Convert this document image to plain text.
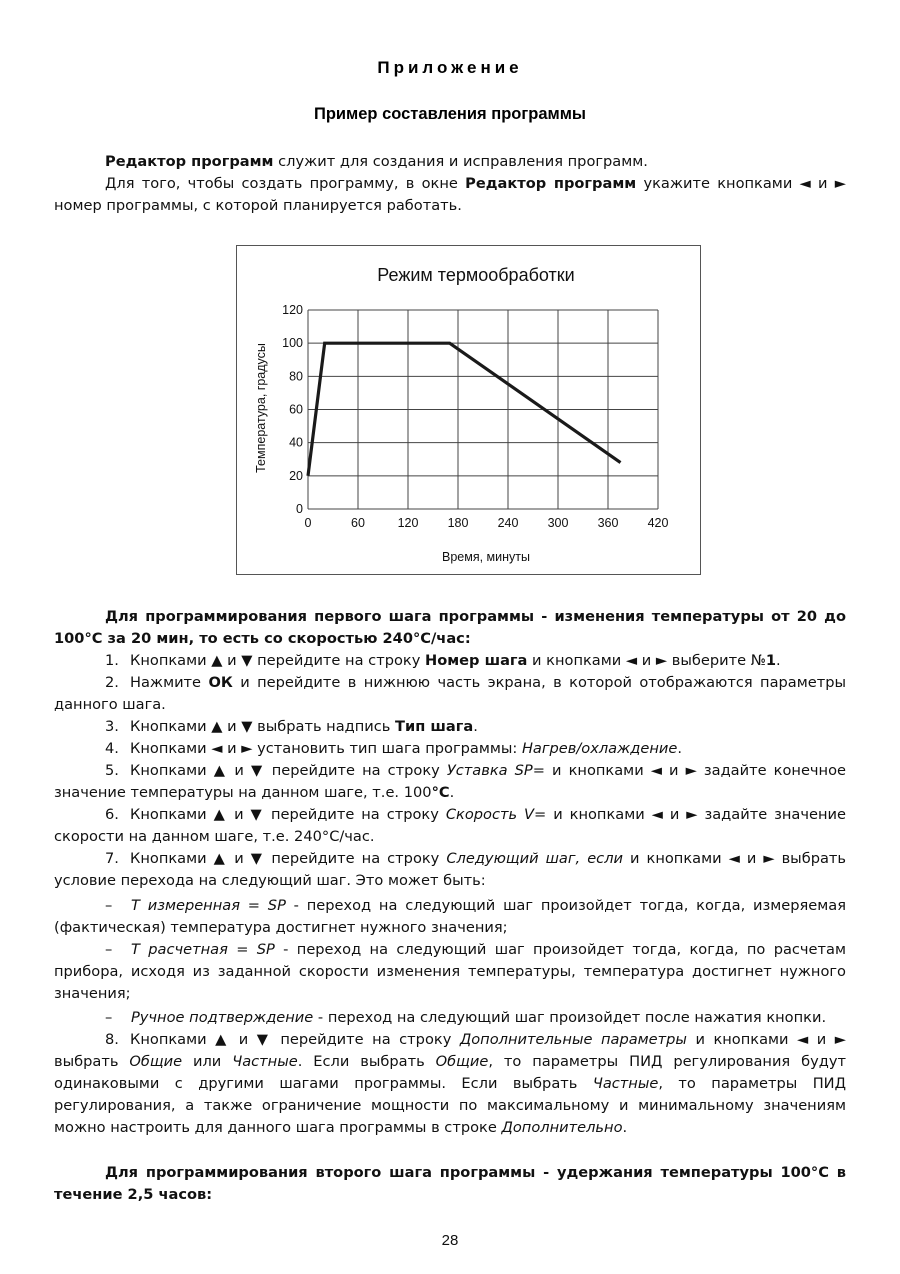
Приложение
Пример составления программы
Редактор программ служит для создания и исправления программ.
Для того, чтобы создать программу, в окне Редактор программ укажите кнопками ◄ и ► номер программы, с которой планируется работать.
Режим термообработки
0	60	120 180 240 300 360 420
0
20
40
60
80
100
120
Время, минуты
Температура, градусы
Для программирования первого шага программы - изменения температуры от 20 до 100°С за 20 мин, то есть со скоростью 240°С/час:
1. Кнопками ▲ и ▼ перейдите на строку Номер шага и кнопками ◄ и ► выберите №1.
2. Нажмите ОК и перейдите в нижнюю часть экрана, в которой отображаются параметры данного шага.
3. Кнопками ▲ и ▼ выбрать надпись Тип шага.
4. Кнопками ◄ и ► установить тип шага программы: Нагрев/охлаждение.
5. Кнопками ▲ и ▼ перейдите на строку Уставка SP= и кнопками ◄ и ► задайте конечное значение температуры на данном шаге, т.е. 100°С.
6. Кнопками ▲ и ▼ перейдите на строку Скорость V= и кнопками ◄ и ► задайте значение скорости на данном шаге, т.е. 240°С/час.
7. Кнопками ▲ и ▼ перейдите на строку Следующий шаг, если и кнопками ◄ и ► выбрать условие перехода на следующий шаг. Это может быть:
– T измеренная = SP - переход на следующий шаг произойдет тогда, когда, измеряемая (фактическая) температура достигнет нужного значения;
– T расчетная = SP - переход на следующий шаг произойдет тогда, когда, по расчетам прибора, исходя из заданной скорости изменения температуры, температура достигнет нужного значения;
– Ручное подтверждение - переход на следующий шаг произойдет после нажатия кнопки.
8. Кнопками ▲ и ▼ перейдите на строку Дополнительные параметры и кнопками ◄ и ► выбрать Общие или Частные. Если выбрать Общие, то параметры ПИД регулирования будут одинаковыми с другими шагами программы. Если выбрать Частные, то параметры ПИД регулирования, а также ограничение мощности по максимальному и минимальному значениям можно настроить для данного шага программы в строке Дополнительно.
Для программирования второго шага программы - удержания температуры 100°С в течение 2,5 часов:
28
